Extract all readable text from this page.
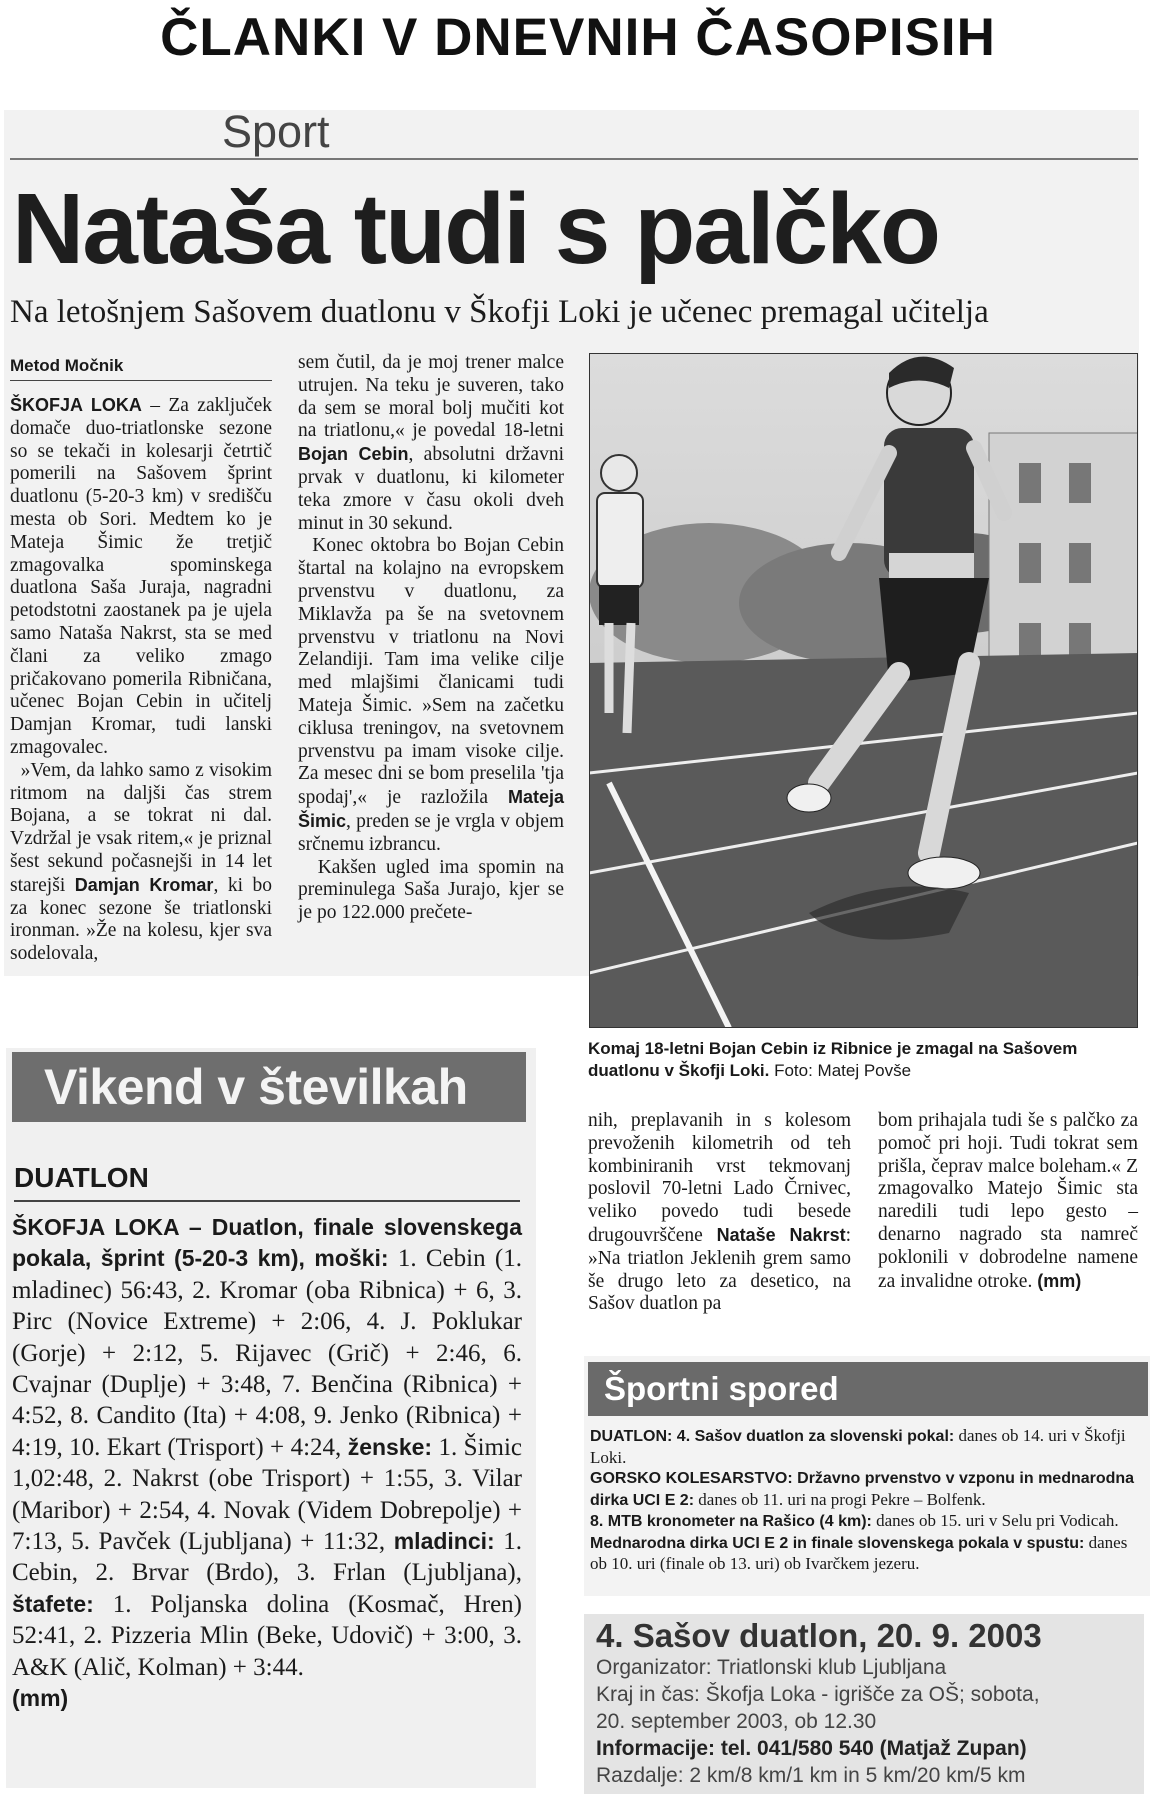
ČLANKI V DNEVNIH ČASOPISIH
Sport
Nataša tudi s palčko
Na letošnjem Sašovem duatlonu v Škofji Loki je učenec premagal učitelja
Metod Močnik

ŠKOFJA LOKA – Za zaključek domače duo-triatlonske sezone so se tekači in kolesarji četrtič pomerili na Sašovem šprint duatlonu (5-20-3 km) v središču mesta ob Sori. Medtem ko je Mateja Šimic že tretjič zmagovalka spominskega duatlona Saša Juraja, nagradni petodstotni zaostanek pa je ujela samo Nataša Nakrst, sta se med člani za veliko zmago pričakovano pomerila Ribničana, učenec Bojan Cebin in učitelj Damjan Kromar, tudi lanski zmagovalec.

»Vem, da lahko samo z visokim ritmom na daljši čas strem Bojana, a se tokrat ni dal. Vzdržal je vsak ritem,« je priznal šest sekund počasnejši in 14 let starejši Damjan Kromar, ki bo za konec sezone še triatlonski ironman. »Že na kolesu, kjer sva sodelovala,

sem čutil, da je moj trener malce utrujen. Na teku je suveren, tako da sem se moral bolj mučiti kot na triatlonu,« je povedal 18-letni Bojan Cebin, absolutni državni prvak v duatlonu, ki kilometer teka zmore v času okoli dveh minut in 30 sekund.

Konec oktobra bo Bojan Cebin štartal na kolajno na evropskem prvenstvu v duatlonu, za Miklavža pa še na svetovnem prvenstvu v triatlonu na Novi Zelandiji. Tam ima velike cilje med mlajšimi članicami tudi Mateja Šimic. »Sem na začetku ciklusa treningov, na svetovnem prvenstvu pa imam visoke cilje. Za mesec dni se bom preselila 'tja spodaj',« je razložila Mateja Šimic, preden se je vrgla v objem srčnemu izbrancu.

Kakšen ugled ima spomin na preminulega Saša Jurajo, kjer se je po 122.000 prečete-

Komaj 18-letni Bojan Cebin iz Ribnice je zmagal na Sašovem duatlonu v Škofji Loki. Foto: Matej Povše

nih, preplavanih in s kolesom prevoženih kilometrih od teh kombiniranih vrst tekmovanj poslovil 70-letni Lado Črnivec, veliko povedo tudi besede drugouvrščene Nataše Nakrst: »Na triatlon Jeklenih grem samo še drugo leto za desetico, na Sašov duatlon pa

bom prihajala tudi še s palčko za pomoč pri hoji. Tudi tokrat sem prišla, čeprav malce boleham.« Z zmagovalko Matejo Šimic sta naredili tudi lepo gesto – denarno nagrado sta namreč poklonili v dobrodelne namene za invalidne otroke. (mm)

Vikend v številkah
DUATLON
ŠKOFJA LOKA – Duatlon, finale slovenskega pokala, šprint (5-20-3 km), moški: 1. Cebin (1. mladinec) 56:43, 2. Kromar (oba Ribnica) + 6, 3. Pirc (Novice Extreme) + 2:06, 4. J. Poklukar (Gorje) + 2:12, 5. Rijavec (Grič) + 2:46, 6. Cvajnar (Duplje) + 3:48, 7. Benčina (Ribnica) + 4:52, 8. Candito (Ita) + 4:08, 9. Jenko (Ribnica) + 4:19, 10. Ekart (Trisport) + 4:24, ženske: 1. Šimic 1,02:48, 2. Nakrst (obe Trisport) + 1:55, 3. Vilar (Maribor) + 2:54, 4. Novak (Videm Dobrepolje) + 7:13, 5. Pavček (Ljubljana) + 11:32, mladinci: 1. Cebin, 2. Brvar (Brdo), 3. Frlan (Ljubljana), štafete: 1. Poljanska dolina (Kosmač, Hren) 52:41, 2. Pizzeria Mlin (Beke, Udovič) + 3:00, 3. A&K (Alič, Kolman) + 3:44.
(mm)
Športni spored

DUATLON: 4. Sašov duatlon za slovenski pokal: danes ob 14. uri v Škofji Loki.

GORSKO KOLESARSTVO: Državno prvenstvo v vzponu in mednarodna dirka UCI E 2: danes ob 11. uri na progi Pekre – Bolfenk.

8. MTB kronometer na Rašico (4 km): danes ob 15. uri v Selu pri Vodicah.

Mednarodna dirka UCI E 2 in finale slovenskega pokala v spustu: danes ob 10. uri (finale ob 13. uri) ob Ivarčkem jezeru.

4. Sašov duatlon, 20. 9. 2003
Organizator: Triatlonski klub Ljubljana
Kraj in čas: Škofja Loka - igrišče za OŠ; sobota,
20. september 2003, ob 12.30
Informacije: tel. 041/580 540 (Matjaž Zupan)
Razdalje: 2 km/8 km/1 km in 5 km/20 km/5 km
